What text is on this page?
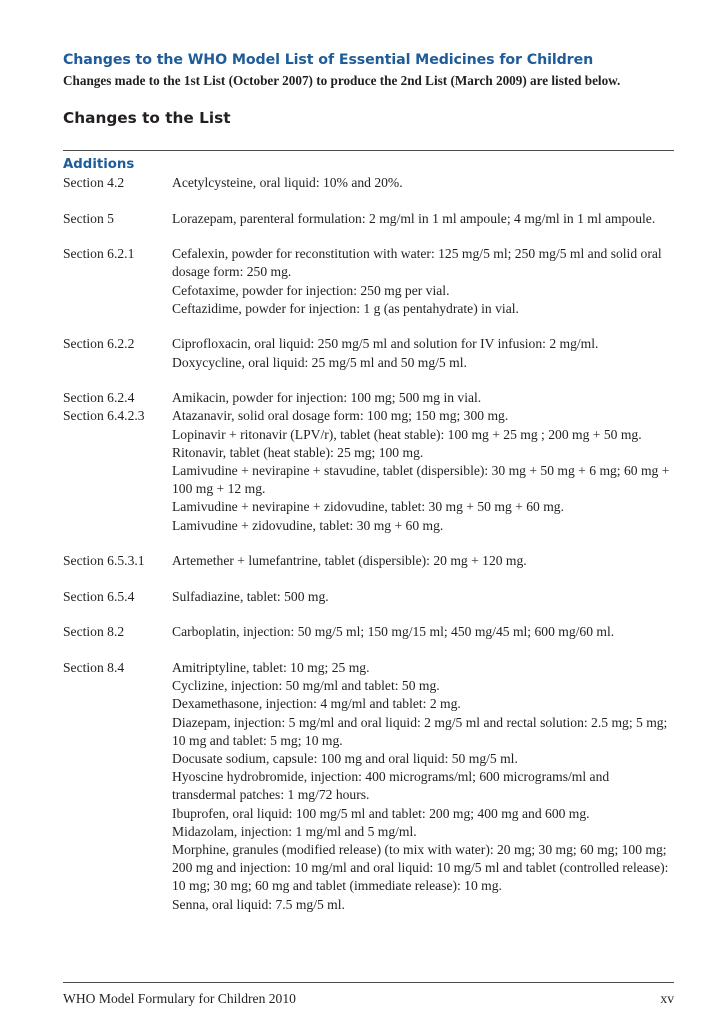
Changes to the WHO Model List of Essential Medicines for Children
Changes made to the 1st List (October 2007) to produce the 2nd List (March 2009) are listed below.
Changes to the List
Additions
Section 4.2	Acetylcysteine, oral liquid: 10% and 20%.
Section 5	Lorazepam, parenteral formulation: 2 mg/ml in 1 ml ampoule; 4 mg/ml in 1 ml ampoule.
Section 6.2.1	Cefalexin, powder for reconstitution with water: 125 mg/5 ml; 250 mg/5 ml and solid oral dosage form: 250 mg.
Cefotaxime, powder for injection: 250 mg per vial.
Ceftazidime, powder for injection: 1 g (as pentahydrate) in vial.
Section 6.2.2	Ciprofloxacin, oral liquid: 250 mg/5 ml and solution for IV infusion: 2 mg/ml.
Doxycycline, oral liquid: 25 mg/5 ml and 50 mg/5 ml.
Section 6.2.4	Amikacin, powder for injection: 100 mg; 500 mg in vial.
Section 6.4.2.3	Atazanavir, solid oral dosage form: 100 mg; 150 mg; 300 mg.
Lopinavir + ritonavir (LPV/r), tablet (heat stable): 100 mg + 25 mg ; 200 mg + 50 mg.
Ritonavir, tablet (heat stable): 25 mg; 100 mg.
Lamivudine + nevirapine + stavudine, tablet (dispersible): 30 mg + 50 mg + 6 mg; 60 mg + 100 mg + 12 mg.
Lamivudine + nevirapine + zidovudine, tablet: 30 mg + 50 mg + 60 mg.
Lamivudine + zidovudine, tablet: 30 mg + 60 mg.
Section 6.5.3.1	Artemether + lumefantrine, tablet (dispersible): 20 mg + 120 mg.
Section 6.5.4	Sulfadiazine, tablet: 500 mg.
Section 8.2	Carboplatin, injection: 50 mg/5 ml; 150 mg/15 ml; 450 mg/45 ml; 600 mg/60 ml.
Section 8.4	Amitriptyline, tablet: 10 mg; 25 mg.
Cyclizine, injection: 50 mg/ml and tablet: 50 mg.
Dexamethasone, injection: 4 mg/ml and tablet: 2 mg.
Diazepam, injection: 5 mg/ml and oral liquid: 2 mg/5 ml and rectal solution: 2.5 mg; 5 mg; 10 mg and tablet: 5 mg; 10 mg.
Docusate sodium, capsule: 100 mg and oral liquid: 50 mg/5 ml.
Hyoscine hydrobromide, injection: 400 micrograms/ml; 600 micrograms/ml and transdermal patches: 1 mg/72 hours.
Ibuprofen, oral liquid: 100 mg/5 ml and tablet: 200 mg; 400 mg and 600 mg.
Midazolam, injection: 1 mg/ml and 5 mg/ml.
Morphine, granules (modified release) (to mix with water): 20 mg; 30 mg; 60 mg; 100 mg; 200 mg and injection: 10 mg/ml and oral liquid: 10 mg/5 ml and tablet (controlled release): 10 mg; 30 mg; 60 mg and tablet (immediate release): 10 mg.
Senna, oral liquid: 7.5 mg/5 ml.
WHO Model Formulary for Children 2010	xv
